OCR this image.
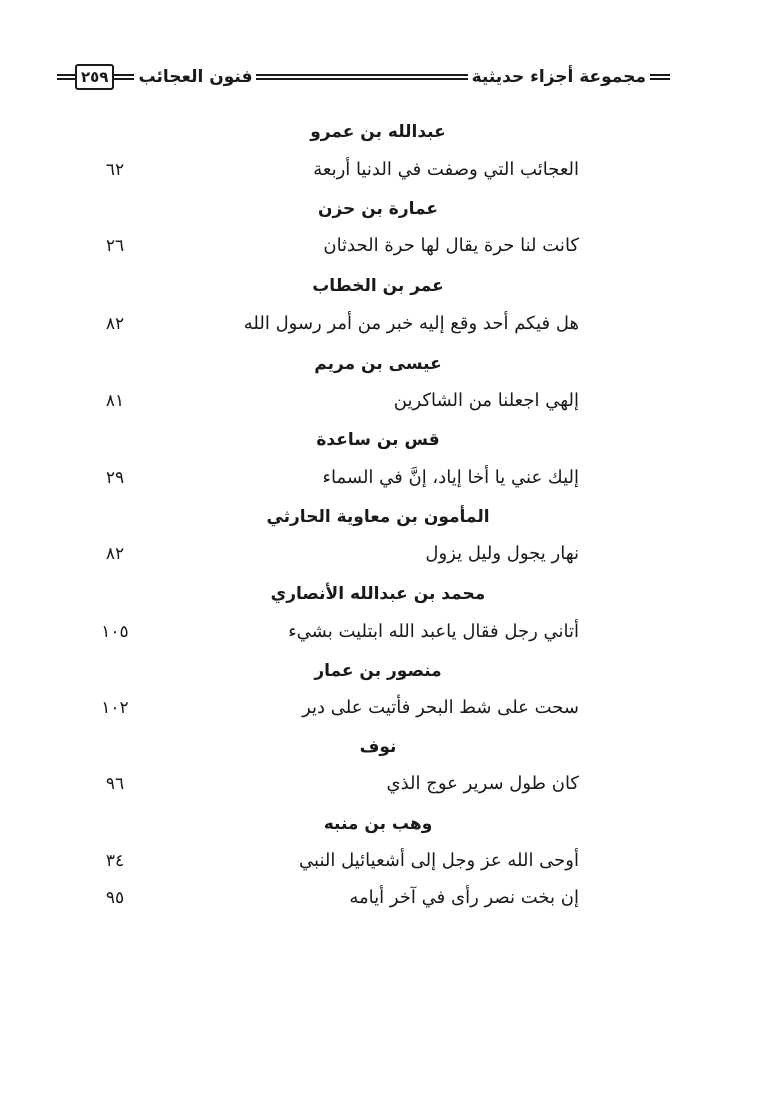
٢٥٩	فنون العجائب	مجموعة أجزاء حديثية
عبدالله بن عمرو
العجائب التي وصفت في الدنيا أربعة
٦٢
عمارة بن حزن
كانت لنا حرة يقال لها حرة الحدثان
٢٦
عمر بن الخطاب
هل فيكم أحد وقع إليه خبر من أمر رسول الله
٨٢
عيسى بن مريم
إلهي اجعلنا من الشاكرين
٨١
قس بن ساعدة
إليك عني يا أخا إياد، إنَّ في السماء
٢٩
المأمون بن معاوية الحارثي
نهار يجول وليل يزول
٨٢
محمد بن عبدالله الأنصاري
أتاني رجل فقال ياعبد الله ابتليت بشيء
١٠٥
منصور بن عمار
سحت على شط البحر فأتيت على دير
١٠٢
نوف
كان طول سرير عوج الذي
٩٦
وهب بن منبه
أوحى الله عز وجل إلى أشعيائيل النبي
٣٤
إن بخت نصر رأى في آخر أيامه
٩٥
